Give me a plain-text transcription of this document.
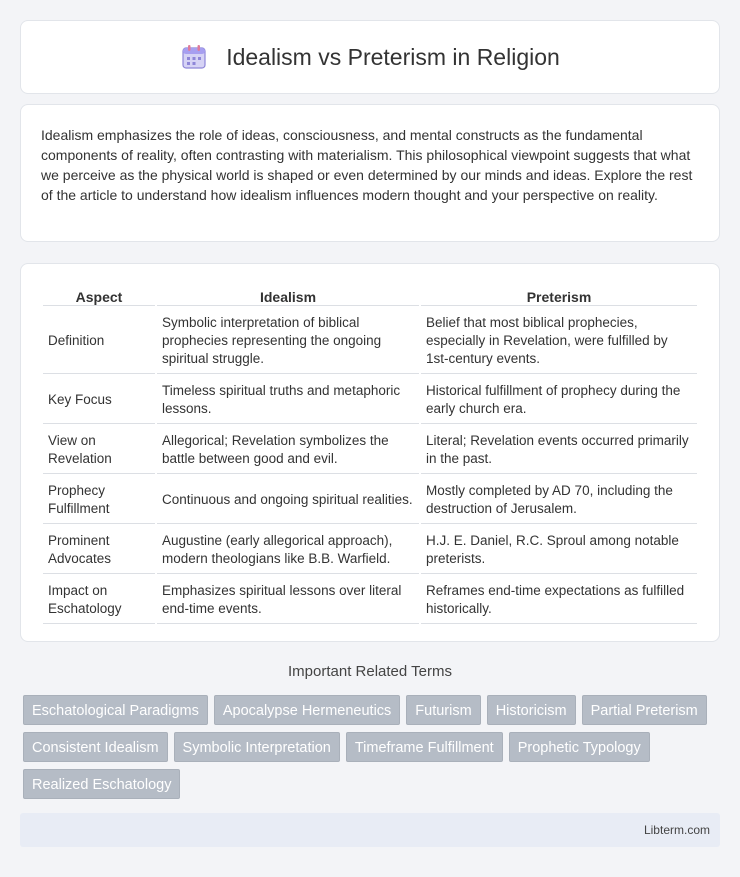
Idealism vs Preterism in Religion

Idealism emphasizes the role of ideas, consciousness, and mental constructs as the fundamental components of reality, often contrasting with materialism. This philosophical viewpoint suggests that what we perceive as the physical world is shaped or even determined by our minds and ideas. Explore the rest of the article to understand how idealism influences modern thought and your perspective on reality.

Aspect	Idealism	Preterism
Definition	Symbolic interpretation of biblical prophecies representing the ongoing spiritual struggle.	Belief that most biblical prophecies, especially in Revelation, were fulfilled by 1st-century events.
Key Focus	Timeless spiritual truths and metaphoric lessons.	Historical fulfillment of prophecy during the early church era.
View on Revelation	Allegorical; Revelation symbolizes the battle between good and evil.	Literal; Revelation events occurred primarily in the past.
Prophecy Fulfillment	Continuous and ongoing spiritual realities.	Mostly completed by AD 70, including the destruction of Jerusalem.
Prominent Advocates	Augustine (early allegorical approach), modern theologians like B.B. Warfield.	H.J. E. Daniel, R.C. Sproul among notable preterists.
Impact on Eschatology	Emphasizes spiritual lessons over literal end-time events.	Reframes end-time expectations as fulfilled historically.
Important Related Terms
Eschatological Paradigms	Apocalypse Hermeneutics	Futurism	Historicism	Partial Preterism
Consistent Idealism	Symbolic Interpretation	Timeframe Fulfillment	Prophetic Typology
Realized Eschatology
Libterm.com
